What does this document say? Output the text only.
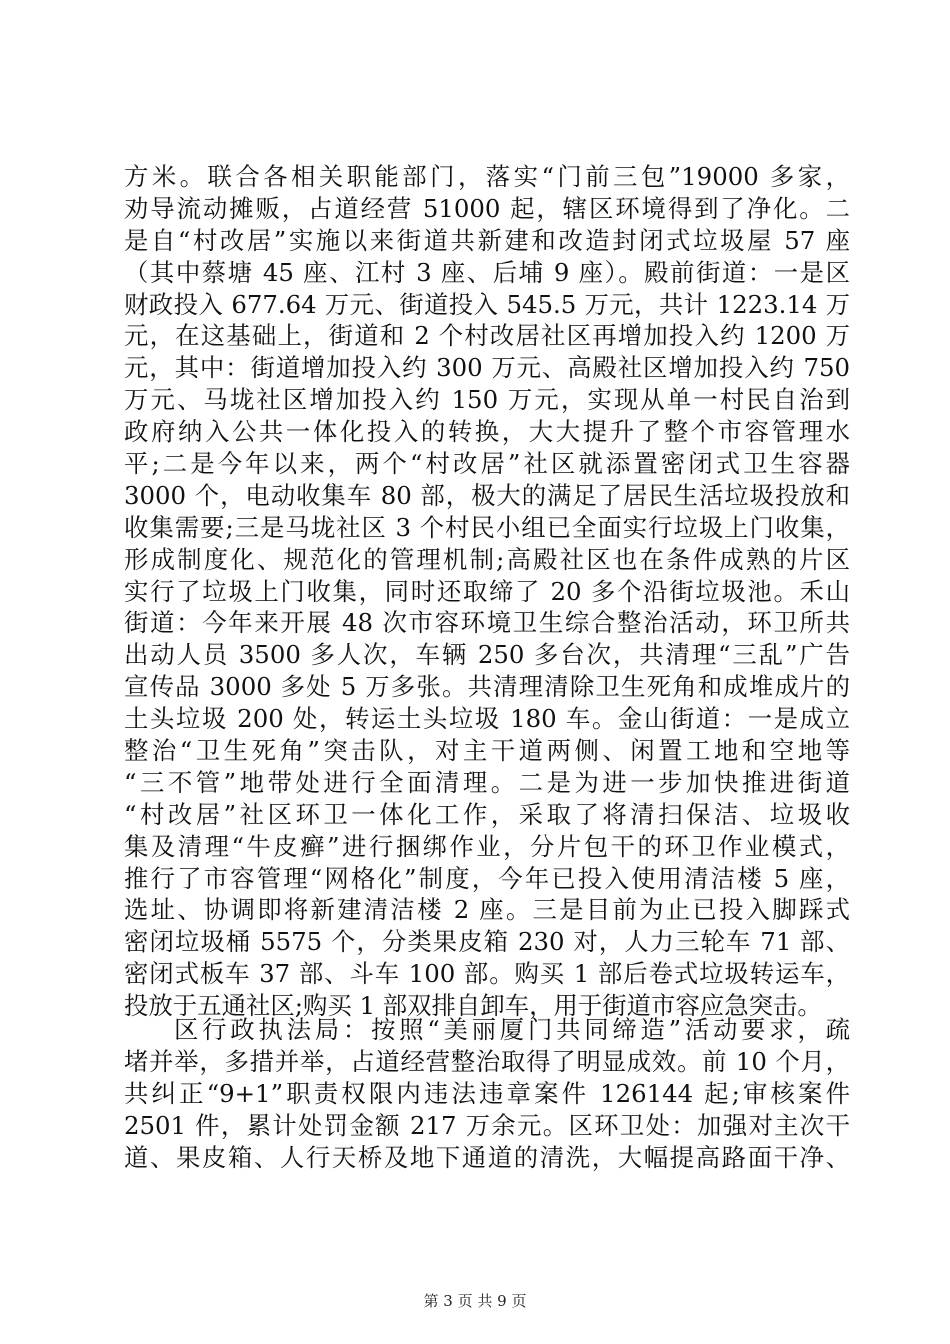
方米。联合各相关职能部门，落实“门前三包”19000 多家，
劝导流动摊贩，占道经营 51000 起，辖区环境得到了净化。二
是自“村改居”实施以来街道共新建和改造封闭式垃圾屋 57 座
（其中蔡塘 45 座、江村 3 座、后埔 9 座）。殿前街道：一是区
财政投入 677.64 万元、街道投入 545.5 万元，共计 1223.14 万
元，在这基础上，街道和 2 个村改居社区再增加投入约 1200 万
元，其中：街道增加投入约 300 万元、高殿社区增加投入约 750
万元、马垅社区增加投入约 150 万元，实现从单一村民自治到
政府纳入公共一体化投入的转换，大大提升了整个市容管理水
平;二是今年以来，两个“村改居”社区就添置密闭式卫生容器
3000 个，电动收集车 80 部，极大的满足了居民生活垃圾投放和
收集需要;三是马垅社区 3 个村民小组已全面实行垃圾上门收集，
形成制度化、规范化的管理机制;高殿社区也在条件成熟的片区
实行了垃圾上门收集，同时还取缔了 20 多个沿街垃圾池。禾山
街道：今年来开展 48 次市容环境卫生综合整治活动，环卫所共
出动人员 3500 多人次，车辆 250 多台次，共清理“三乱”广告
宣传品 3000 多处 5 万多张。共清理清除卫生死角和成堆成片的
土头垃圾 200 处，转运土头垃圾 180 车。金山街道：一是成立
整治“卫生死角”突击队，对主干道两侧、闲置工地和空地等
“三不管”地带处进行全面清理。二是为进一步加快推进街道
“村改居”社区环卫一体化工作，采取了将清扫保洁、垃圾收
集及清理“牛皮癣”进行捆绑作业，分片包干的环卫作业模式，
推行了市容管理“网格化”制度，今年已投入使用清洁楼 5 座，
选址、协调即将新建清洁楼 2 座。三是目前为止已投入脚踩式
密闭垃圾桶 5575 个，分类果皮箱 230 对，人力三轮车 71 部、
密闭式板车 37 部、斗车 100 部。购买 1 部后卷式垃圾转运车，
投放于五通社区;购买 1 部双排自卸车，用于街道市容应急突击。
区行政执法局：按照“美丽厦门共同缔造”活动要求，疏
堵并举，多措并举，占道经营整治取得了明显成效。前 10 个月，
共纠正“9+1”职责权限内违法违章案件 126144 起;审核案件
2501 件，累计处罚金额 217 万余元。区环卫处：加强对主次干
道、果皮箱、人行天桥及地下通道的清洗，大幅提高路面干净、
第 3 页 共 9 页
